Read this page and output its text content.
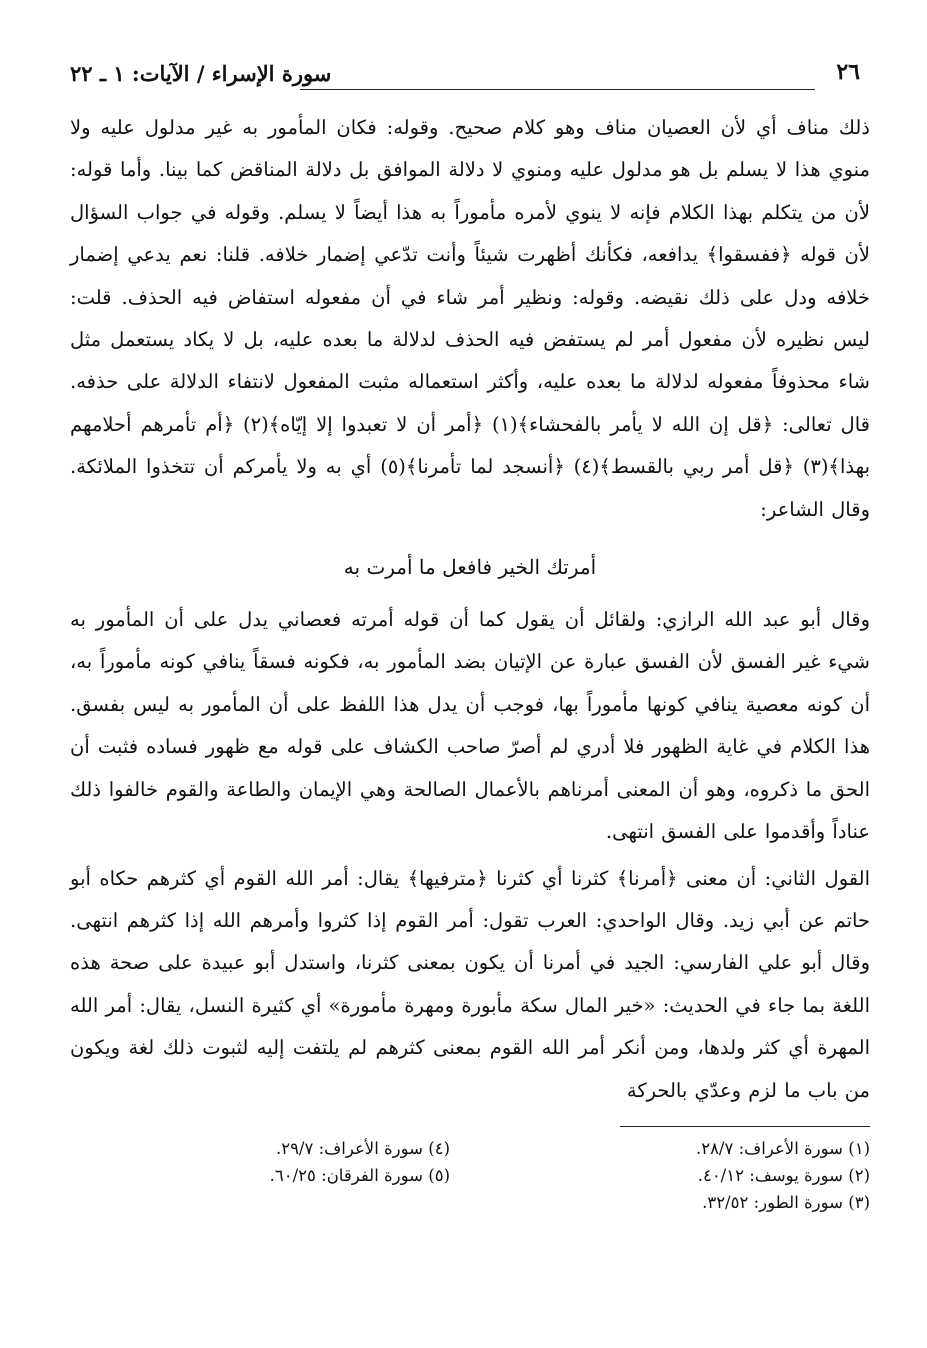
٢٦
سورة الإسراء / الآيات: ١ ـ ٢٢

ذلك مناف أي لأن العصيان مناف وهو كلام صحيح. وقوله: فكان المأمور به غير مدلول عليه ولا منوي هذا لا يسلم بل هو مدلول عليه ومنوي لا دلالة الموافق بل دلالة المناقض كما بينا. وأما قوله: لأن من يتكلم بهذا الكلام فإنه لا ينوي لأمره مأموراً به هذا أيضاً لا يسلم. وقوله في جواب السؤال لأن قوله ﴿ففسقوا﴾ يدافعه، فكأنك أظهرت شيئاً وأنت تدّعي إضمار خلافه. قلنا: نعم يدعي إضمار خلافه ودل على ذلك نقيضه. وقوله: ونظير أمر شاء في أن مفعوله استفاض فيه الحذف. قلت: ليس نظيره لأن مفعول أمر لم يستفض فيه الحذف لدلالة ما بعده عليه، بل لا يكاد يستعمل مثل شاء محذوفاً مفعوله لدلالة ما بعده عليه، وأكثر استعماله مثبت المفعول لانتفاء الدلالة على حذفه. قال تعالى: ﴿قل إن الله لا يأمر بالفحشاء﴾(١) ﴿أمر أن لا تعبدوا إلا إيّاه﴾(٢) ﴿أم تأمرهم أحلامهم بهذا﴾(٣) ﴿قل أمر ربي بالقسط﴾(٤) ﴿أنسجد لما تأمرنا﴾(٥) أي به ولا يأمركم أن تتخذوا الملائكة. وقال الشاعر:

أمرتك الخير فافعل ما أمرت به

وقال أبو عبد الله الرازي: ولقائل أن يقول كما أن قوله أمرته فعصاني يدل على أن المأمور به شيء غير الفسق لأن الفسق عبارة عن الإتيان بضد المأمور به، فكونه فسقاً ينافي كونه مأموراً به، أن كونه معصية ينافي كونها مأموراً بها، فوجب أن يدل هذا اللفظ على أن المأمور به ليس بفسق. هذا الكلام في غاية الظهور فلا أدري لم أصرّ صاحب الكشاف على قوله مع ظهور فساده فثبت أن الحق ما ذكروه، وهو أن المعنى أمرناهم بالأعمال الصالحة وهي الإيمان والطاعة والقوم خالفوا ذلك عناداً وأقدموا على الفسق انتهى.

القول الثاني: أن معنى ﴿أمرنا﴾ كثرنا أي كثرنا ﴿مترفيها﴾ يقال: أمر الله القوم أي كثرهم حكاه أبو حاتم عن أبي زيد. وقال الواحدي: العرب تقول: أمر القوم إذا كثروا وأمرهم الله إذا كثرهم انتهى. وقال أبو علي الفارسي: الجيد في أمرنا أن يكون بمعنى كثرنا، واستدل أبو عبيدة على صحة هذه اللغة بما جاء في الحديث: «خير المال سكة مأبورة ومهرة مأمورة» أي كثيرة النسل، يقال: أمر الله المهرة أي كثر ولدها، ومن أنكر أمر الله القوم بمعنى كثرهم لم يلتفت إليه لثبوت ذلك لغة ويكون من باب ما لزم وعدّي بالحركة

(١) سورة الأعراف: ٢٨/٧.
(٢) سورة يوسف: ٤٠/١٢.
(٣) سورة الطور: ٣٢/٥٢.
(٤) سورة الأعراف: ٢٩/٧.
(٥) سورة الفرقان: ٦٠/٢٥.
